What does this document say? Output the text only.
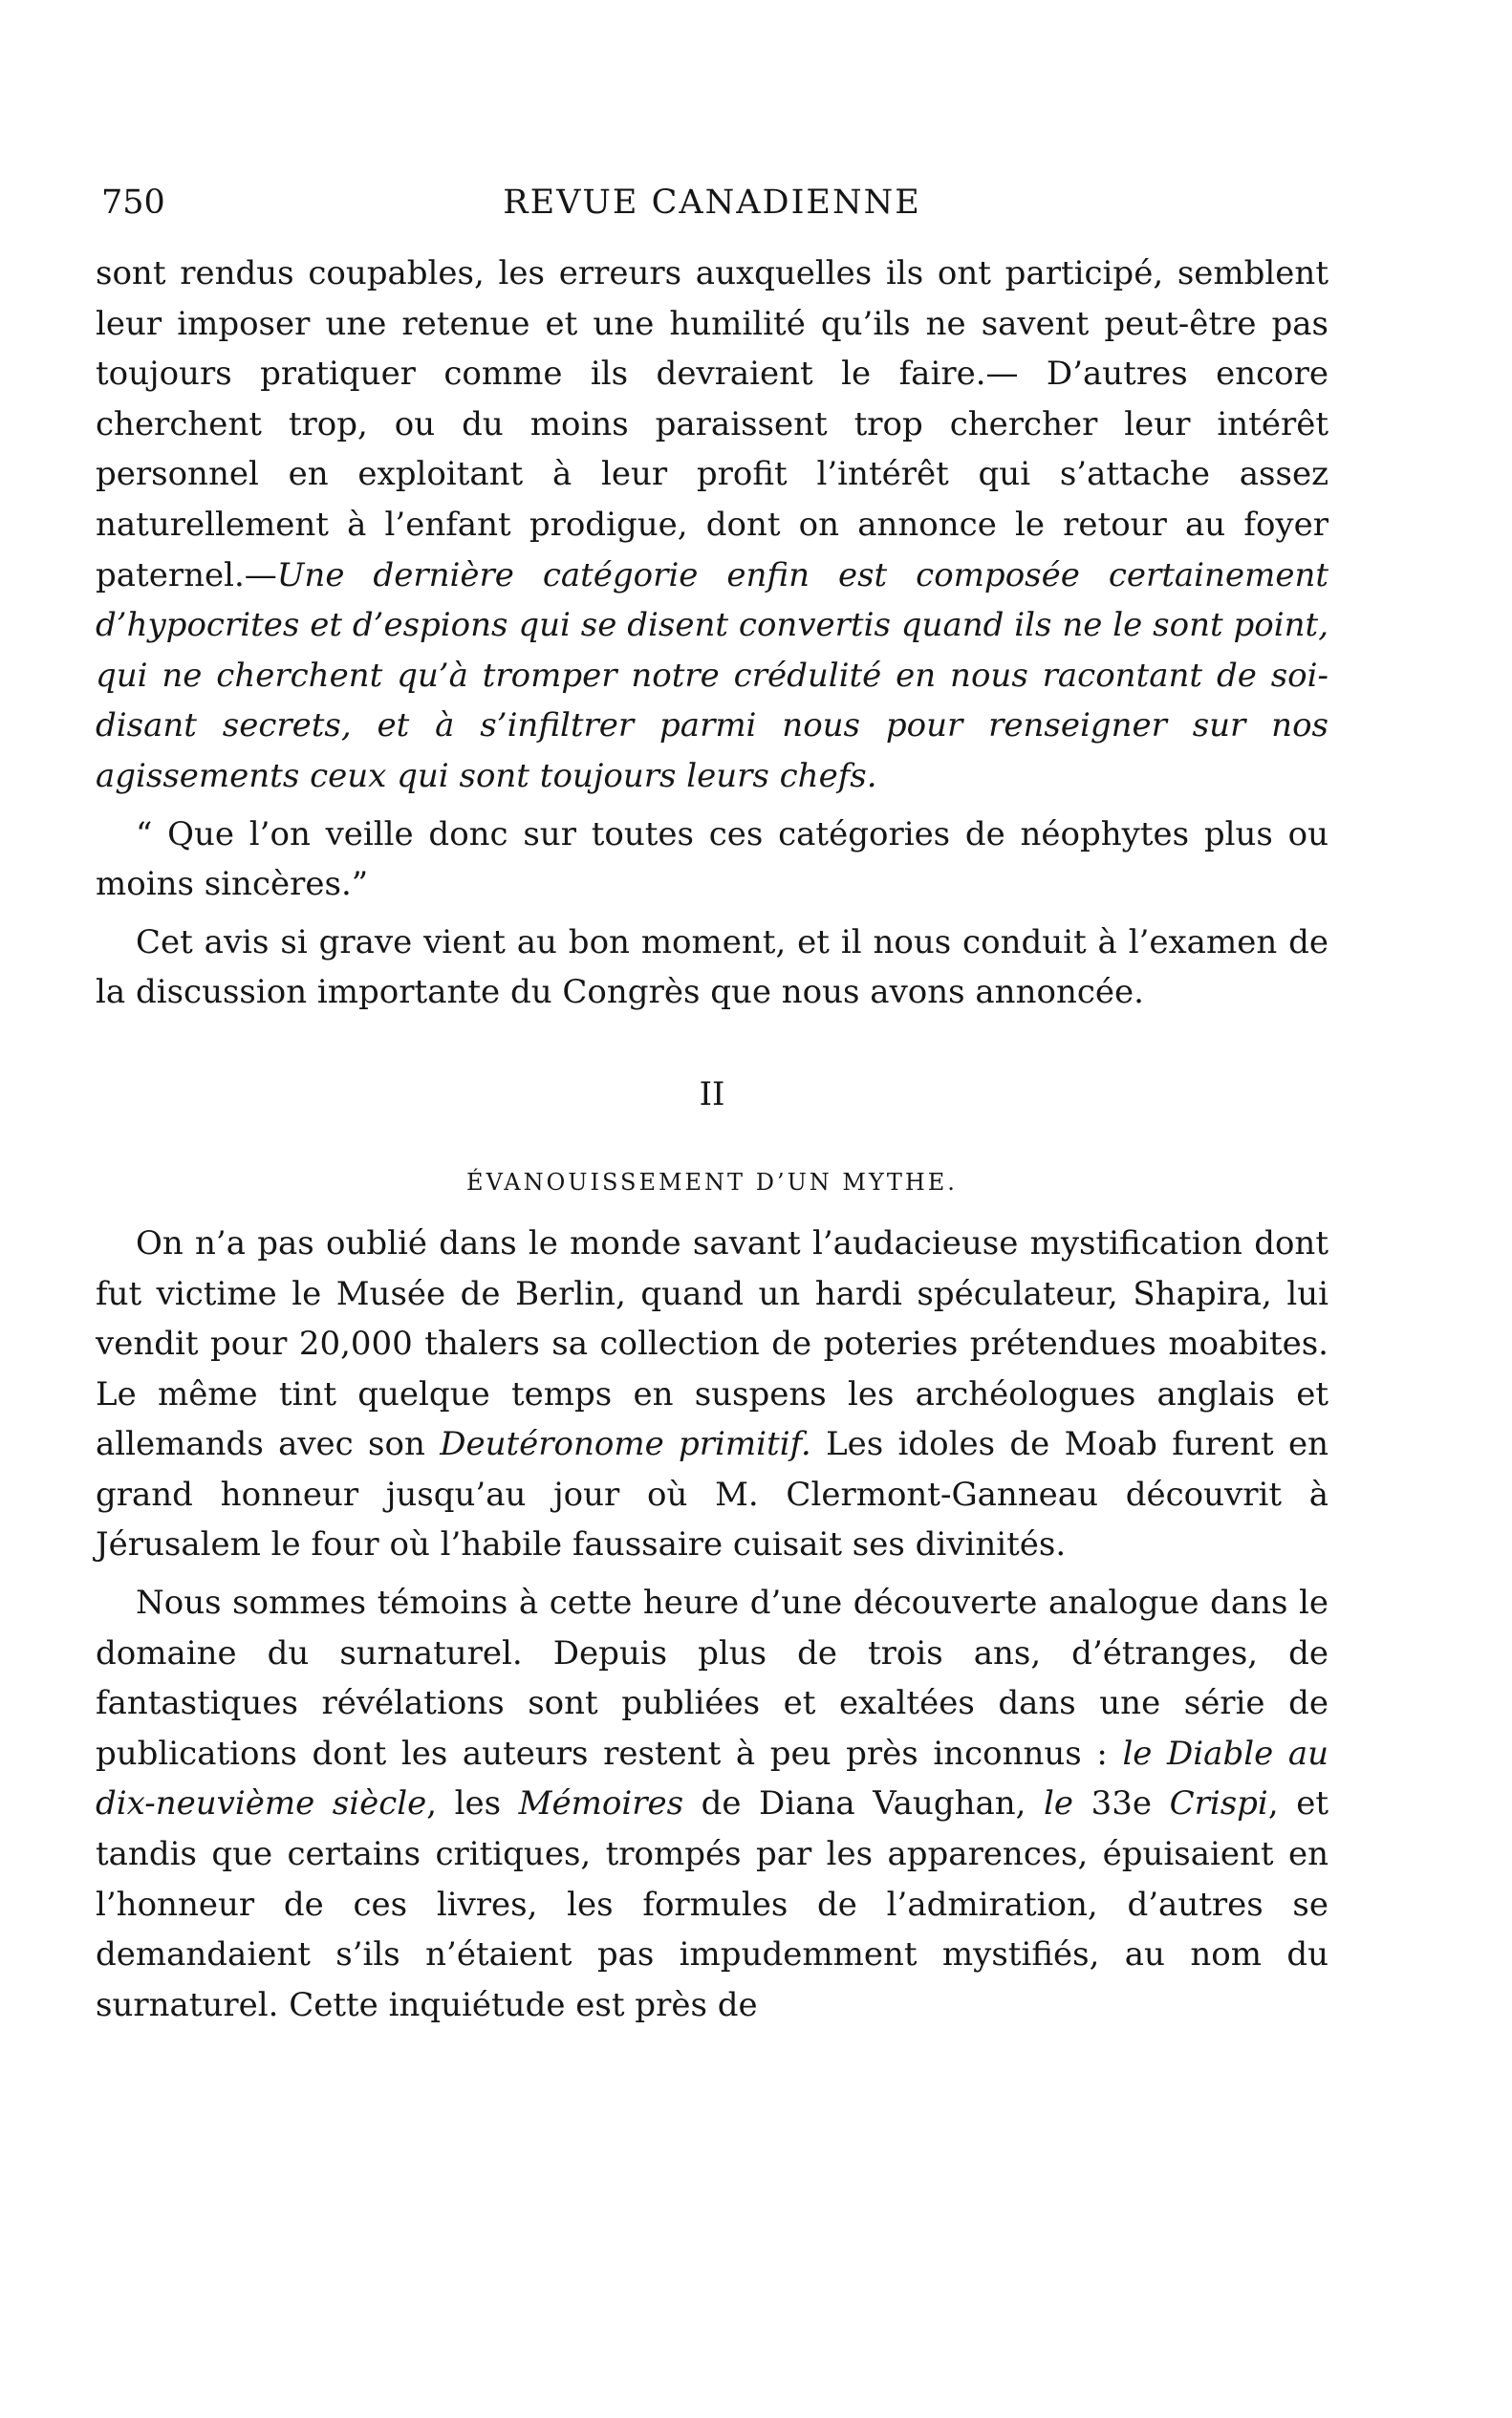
750	REVUE CANADIENNE

sont rendus coupables, les erreurs auxquelles ils ont participé, semblent leur imposer une retenue et une humilité qu’ils ne savent peut-être pas toujours pratiquer comme ils devraient le faire.— D’autres encore cherchent trop, ou du moins paraissent trop chercher leur intérêt personnel en exploitant à leur profit l’intérêt qui s’attache assez naturellement à l’enfant prodigue, dont on annonce le retour au foyer paternel.—Une dernière catégorie enfin est composée certainement d’hypocrites et d’espions qui se disent convertis quand ils ne le sont point, qui ne cherchent qu’à tromper notre crédulité en nous racontant de soi-disant secrets, et à s’infiltrer parmi nous pour renseigner sur nos agissements ceux qui sont toujours leurs chefs.

“ Que l’on veille donc sur toutes ces catégories de néophytes plus ou moins sincères.”

Cet avis si grave vient au bon moment, et il nous conduit à l’examen de la discussion importante du Congrès que nous avons annoncée.

II
ÉVANOUISSEMENT D’UN MYTHE.

On n’a pas oublié dans le monde savant l’audacieuse mystification dont fut victime le Musée de Berlin, quand un hardi spéculateur, Shapira, lui vendit pour 20,000 thalers sa collection de poteries prétendues moabites. Le même tint quelque temps en suspens les archéologues anglais et allemands avec son Deutéronome primitif. Les idoles de Moab furent en grand honneur jusqu’au jour où M. Clermont-Ganneau découvrit à Jérusalem le four où l’habile faussaire cuisait ses divinités.

Nous sommes témoins à cette heure d’une découverte analogue dans le domaine du surnaturel. Depuis plus de trois ans, d’étranges, de fantastiques révélations sont publiées et exaltées dans une série de publications dont les auteurs restent à peu près inconnus : le Diable au dix-neuvième siècle, les Mémoires de Diana Vaughan, le 33e Crispi, et tandis que certains critiques, trompés par les apparences, épuisaient en l’honneur de ces livres, les formules de l’admiration, d’autres se demandaient s’ils n’étaient pas impudemment mystifiés, au nom du surnaturel. Cette inquiétude est près de
